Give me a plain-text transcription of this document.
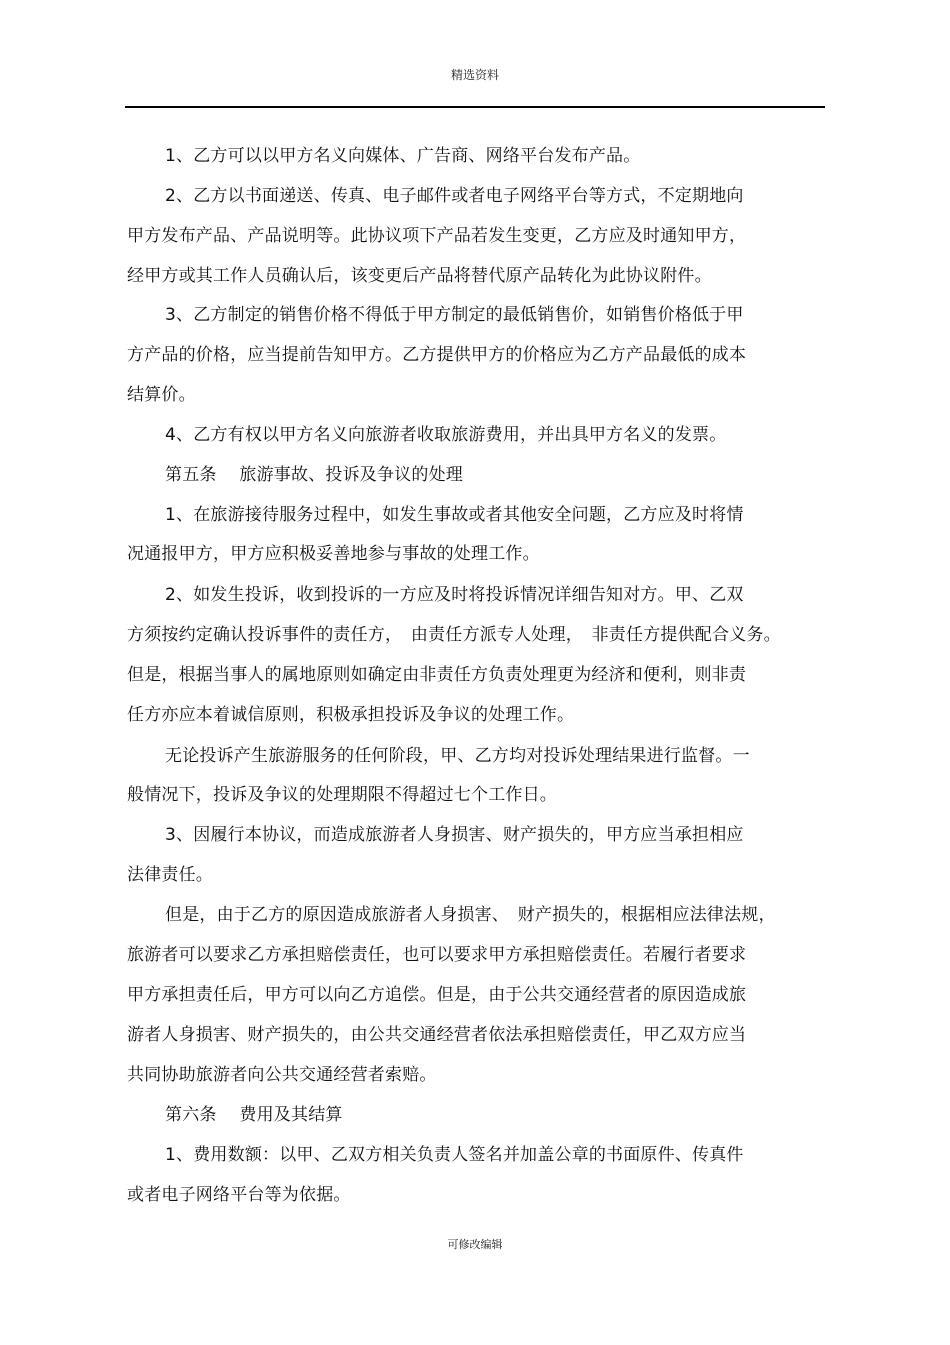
精选资料
1、乙方可以以甲方名义向媒体、广告商、网络平台发布产品。
2、乙方以书面递送、传真、电子邮件或者电子网络平台等方式，不定期地向
甲方发布产品、产品说明等。此协议项下产品若发生变更，乙方应及时通知甲方，
经甲方或其工作人员确认后，该变更后产品将替代原产品转化为此协议附件。
3、乙方制定的销售价格不得低于甲方制定的最低销售价，如销售价格低于甲
方产品的价格，应当提前告知甲方。乙方提供甲方的价格应为乙方产品最低的成本
结算价。
4、乙方有权以甲方名义向旅游者收取旅游费用，并出具甲方名义的发票。
第五条　 旅游事故、投诉及争议的处理
1、在旅游接待服务过程中，如发生事故或者其他安全问题，乙方应及时将情
况通报甲方，甲方应积极妥善地参与事故的处理工作。
2、如发生投诉，收到投诉的一方应及时将投诉情况详细告知对方。甲、乙双
方须按约定确认投诉事件的责任方，　由责任方派专人处理，　非责任方提供配合义务。
但是，根据当事人的属地原则如确定由非责任方负责处理更为经济和便利，则非责
任方亦应本着诚信原则，积极承担投诉及争议的处理工作。
无论投诉产生旅游服务的任何阶段，甲、乙方均对投诉处理结果进行监督。一
般情况下，投诉及争议的处理期限不得超过七个工作日。
3、因履行本协议，而造成旅游者人身损害、财产损失的，甲方应当承担相应
法律责任。
但是，由于乙方的原因造成旅游者人身损害、　财产损失的，根据相应法律法规，
旅游者可以要求乙方承担赔偿责任，也可以要求甲方承担赔偿责任。若履行者要求
甲方承担责任后，甲方可以向乙方追偿。但是，由于公共交通经营者的原因造成旅
游者人身损害、财产损失的，由公共交通经营者依法承担赔偿责任，甲乙双方应当
共同协助旅游者向公共交通经营者索赔。
第六条　 费用及其结算
1、费用数额：以甲、乙双方相关负责人签名并加盖公章的书面原件、传真件
或者电子网络平台等为依据。
可修改编辑
